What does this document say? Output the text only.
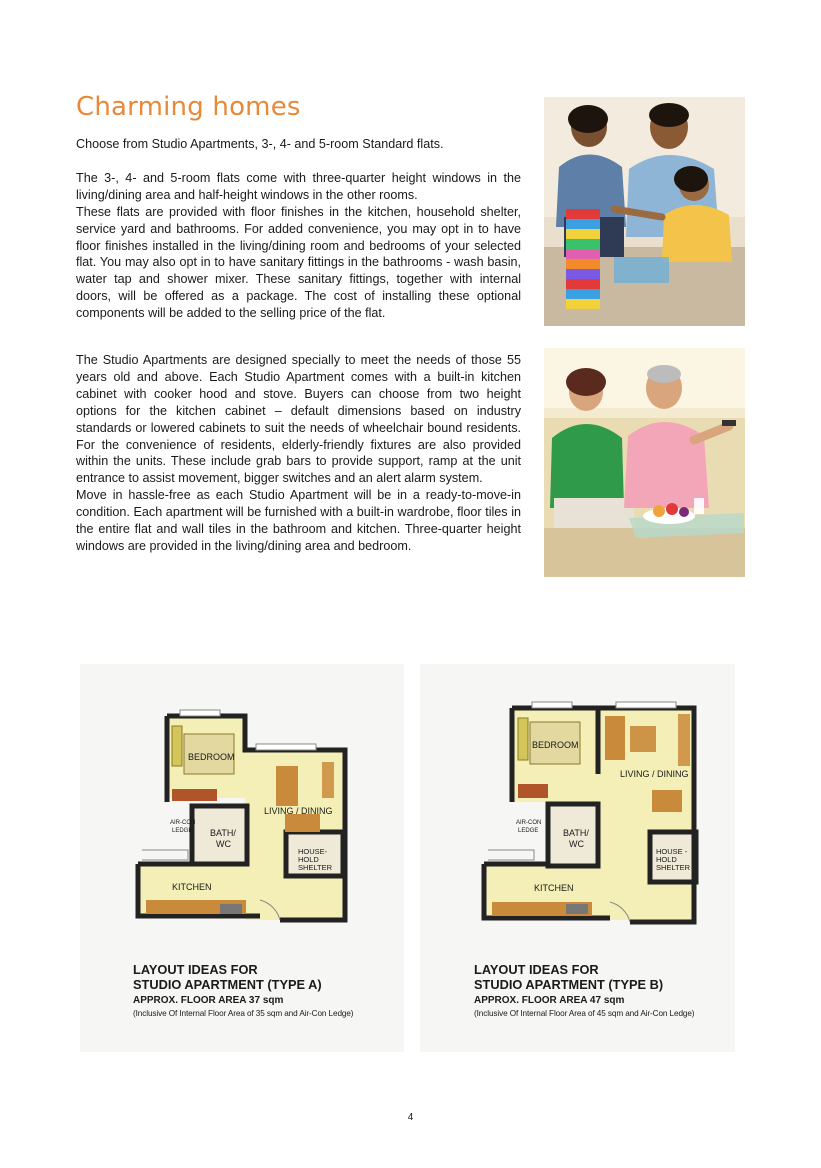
Charming homes

Choose from Studio Apartments, 3-, 4- and 5-room Standard flats.

The 3-, 4- and 5-room flats come with three-quarter height windows in the living/dining area and half-height windows in the other rooms.

These flats are provided with floor finishes in the kitchen, household shelter, service yard and bathrooms. For added convenience, you may opt in to have floor finishes installed in the living/dining room and bedrooms of your selected flat. You may also opt in to have sanitary fittings in the bathrooms - wash basin, water tap and shower mixer. These sanitary fittings, together with internal doors, will be offered as a package. The cost of installing these optional components will be added to the selling price of the flat.

The Studio Apartments are designed specially to meet the needs of those 55 years old and above. Each Studio Apartment comes with a built-in kitchen cabinet with cooker hood and stove. Buyers can choose from two height options for the kitchen cabinet – default dimensions based on industry standards or lowered cabinets to suit the needs of wheelchair bound residents. For the convenience of residents, elderly-friendly fixtures are also provided within the units. These include grab bars to provide support, ramp at the unit entrance to assist movement, bigger switches and an alert alarm system.

Move in hassle-free as each Studio Apartment will be in a ready-to-move-in condition. Each apartment will be furnished with a built-in wardrobe, floor tiles in the entire flat and wall tiles in the bathroom and kitchen. Three-quarter height windows are provided in the living/dining area and bedroom.

BEDROOM
LIVING / DINING
AIR-CON
LEDGE BATH/
WC
HOUSE-
HOLD
SHELTER
KITCHEN
LAYOUT IDEAS FOR
STUDIO APARTMENT (TYPE A)
APPROX. FLOOR AREA 37 sqm
(Inclusive Of Internal Floor Area of 35 sqm and Air-Con Ledge)
BEDROOM
LIVING / DINING
AIR-CON
LEDGE	BATH/
WC
HOUSE -
HOLD
SHELTER
KITCHEN
LAYOUT IDEAS FOR
STUDIO APARTMENT (TYPE B)
APPROX. FLOOR AREA 47 sqm
(Inclusive Of Internal Floor Area of 45 sqm and Air-Con Ledge)
4
